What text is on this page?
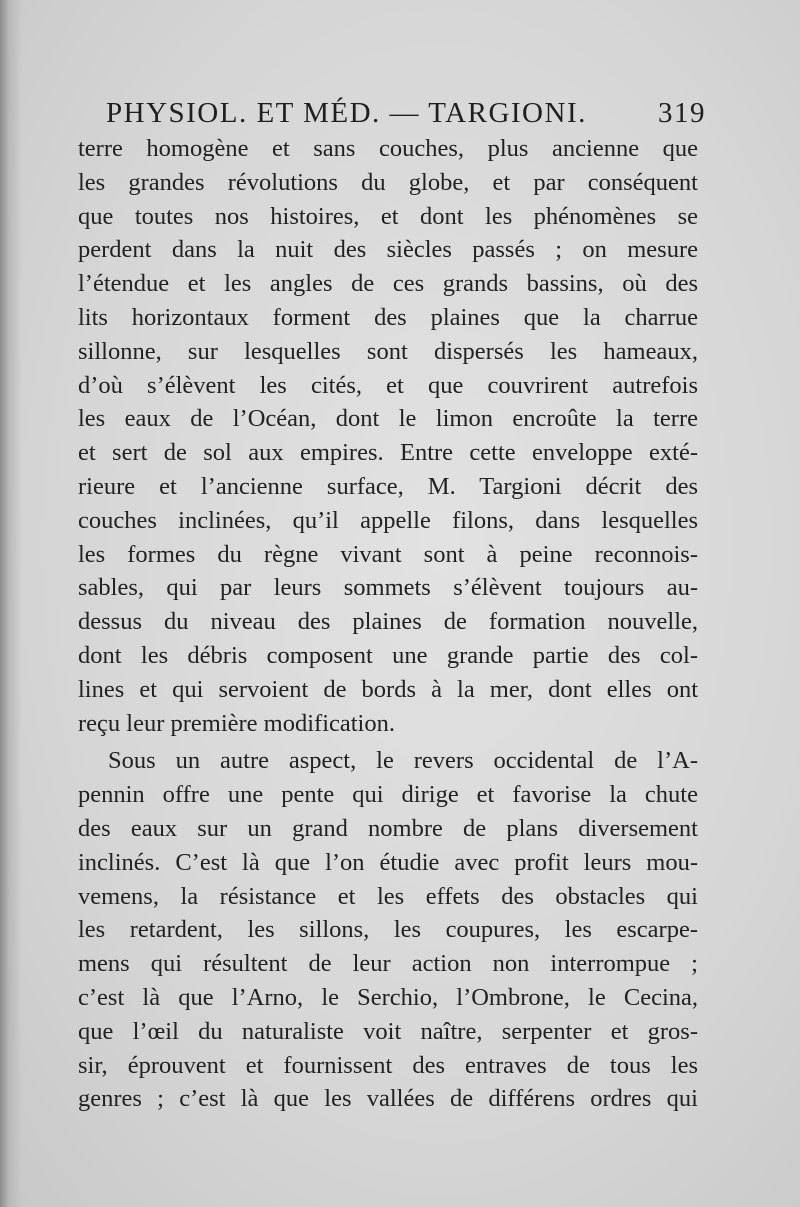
PHYSIOL. ET MÉD. — TARGIONI. 319
terre homogène et sans couches, plus ancienne que
les grandes révolutions du globe, et par conséquent
que toutes nos histoires, et dont les phénomènes se
perdent dans la nuit des siècles passés ; on mesure
l’étendue et les angles de ces grands bassins, où des
lits horizontaux forment des plaines que la charrue
sillonne, sur lesquelles sont dispersés les hameaux,
d’où s’élèvent les cités, et que couvrirent autrefois
les eaux de l’Océan, dont le limon encroûte la terre
et sert de sol aux empires. Entre cette enveloppe exté-
rieure et l’ancienne surface, M. Targioni décrit des
couches inclinées, qu’il appelle filons, dans lesquelles
les formes du règne vivant sont à peine reconnois-
sables, qui par leurs sommets s’élèvent toujours au-
dessus du niveau des plaines de formation nouvelle,
dont les débris composent une grande partie des col-
lines et qui servoient de bords à la mer, dont elles ont
reçu leur première modification.
Sous un autre aspect, le revers occidental de l’A-
pennin offre une pente qui dirige et favorise la chute
des eaux sur un grand nombre de plans diversement
inclinés. C’est là que l’on étudie avec profit leurs mou-
vemens, la résistance et les effets des obstacles qui
les retardent, les sillons, les coupures, les escarpe-
mens qui résultent de leur action non interrompue ;
c’est là que l’Arno, le Serchio, l’Ombrone, le Cecina,
que l’œil du naturaliste voit naître, serpenter et gros-
sir, éprouvent et fournissent des entraves de tous les
genres ; c’est là que les vallées de différens ordres qui
